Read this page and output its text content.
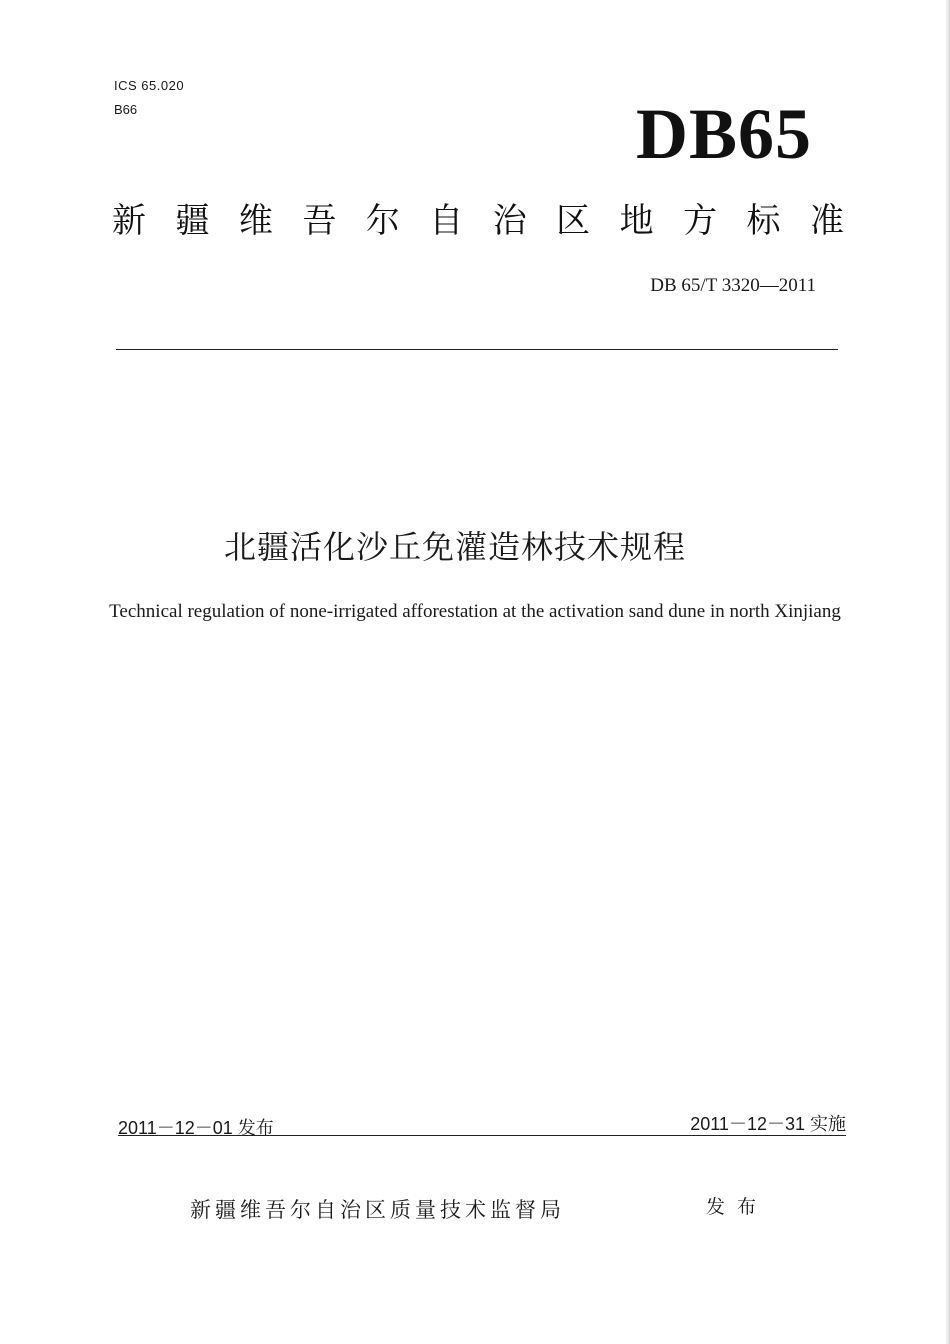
ICS 65.020
B66	DB65
新 疆 维 吾 尔 自 治 区 地 方 标 准
DB 65/T 3320—2011
北疆活化沙丘免灌造林技术规程
Technical regulation of none-irrigated afforestation at the activation sand dune in north Xinjiang
2011－12－01 发布	2011－12－31 实施
新疆维吾尔自治区质量技术监督局	发布
